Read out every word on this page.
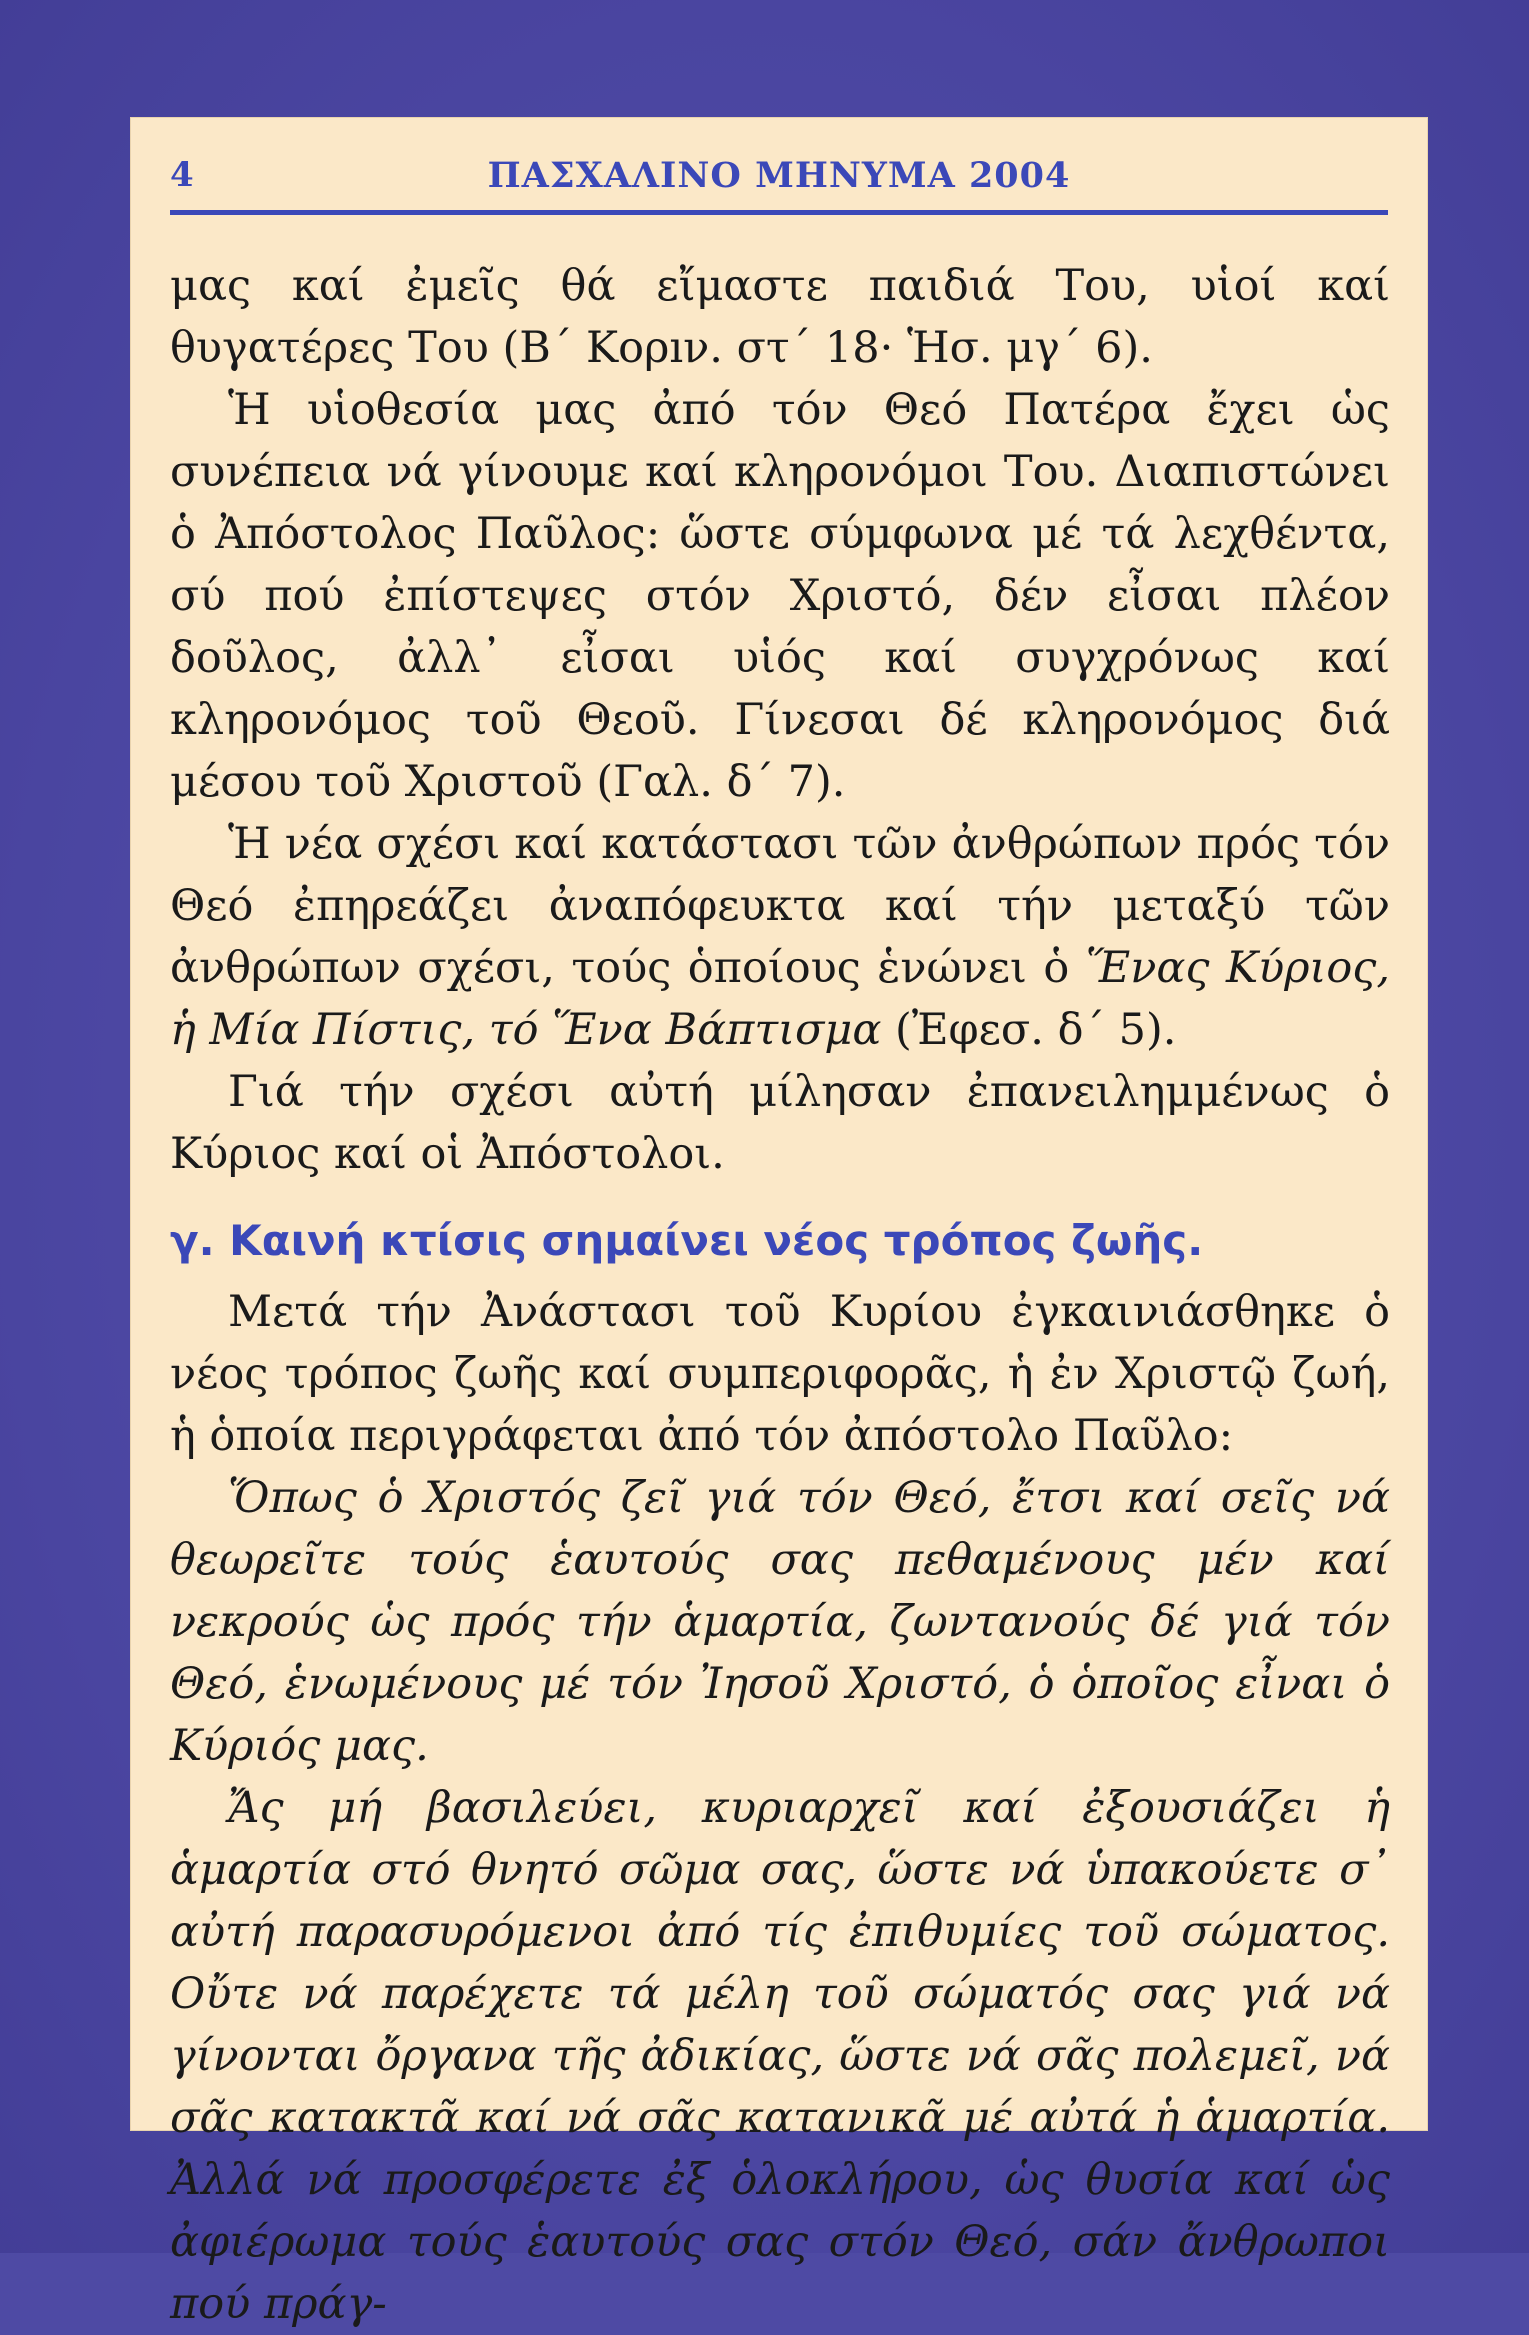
4	ΠΑΣΧΑΛΙΝΟ ΜΗΝΥΜΑ 2004

μας καί ἐμεῖς θά εἴμαστε παιδιά Του, υἱοί καί θυγατέρες Του (Β΄ Κορıν. στ΄ 18· Ἡσ. μγ΄ 6).

Ἡ υἱοθεσία μας ἀπό τόν Θεό Πατέρα ἔχει ὡς συνέπεια νά γίνουμε καί κληρονόμοι Του. Διαπιστώνει ὁ Ἀπόστολος Παῦλος: ὥστε σύμφωνα μέ τά λεχθέντα, σύ πού ἐπίστεψες στόν Χριστό, δέν εἶσαι πλέον δοῦλος, ἀλλ᾽ εἶσαι υἱός καί συγχρόνως καί κληρονόμος τοῦ Θεοῦ. Γίνεσαι δέ κληρονόμος διά μέσου τοῦ Χριστοῦ (Γαλ. δ΄ 7).

Ἡ νέα σχέσι καί κατάστασι τῶν ἀνθρώπων πρός τόν Θεό ἐπηρεάζει ἀναπόφευκτα καί τήν μεταξύ τῶν ἀνθρώπων σχέσι, τούς ὁποίους ἑνώνει ὁ Ἕνας Κύριος, ἡ Μία Πίστις, τό Ἕνα Βάπτισμα (Ἐφεσ. δ΄ 5).

Γιά τήν σχέσι αὐτή μίλησαν ἐπανειλημμένως ὁ Κύριος καί οἱ Ἀπόστολοι.

γ. Καινή κτίσις σημαίνει νέος τρόπος ζωῆς.

Μετά τήν Ἀνάστασι τοῦ Κυρίου ἐγκαινιάσθηκε ὁ νέος τρόπος ζωῆς καί συμπεριφορᾶς, ἡ ἐν Χριστῷ ζωή, ἡ ὁποία περιγράφεται ἀπό τόν ἀπόστολο Παῦλο:

Ὅπως ὁ Χριστός ζεῖ γιά τόν Θεό, ἔτσι καί σεῖς νά θεωρεῖτε τούς ἑαυτούς σας πεθαμένους μέν καί νεκρούς ὡς πρός τήν ἁμαρτία, ζωντανούς δέ γιά τόν Θεό, ἑνωμένους μέ τόν Ἰησοῦ Χριστό, ὁ ὁποῖος εἶναι ὁ Κύριός μας.

Ἄς μή βασιλεύει, κυριαρχεῖ καί ἐξουσιάζει ἡ ἁμαρτία στό θνητό σῶμα σας, ὥστε νά ὑπακούετε σ᾽ αὐτή παρασυρόμενοι ἀπό τίς ἐπιθυμίες τοῦ σώματος. Οὔτε νά παρέχετε τά μέλη τοῦ σώματός σας γιά νά γίνονται ὄργανα τῆς ἀδικίας, ὥστε νά σᾶς πολεμεῖ, νά σᾶς κατακτᾶ καί νά σᾶς κατανικᾶ μέ αὐτά ἡ ἁμαρτία. Ἀλλά νά προσφέρετε ἐξ ὁλοκλήρου, ὡς θυσία καί ὡς ἀφιέρωμα τούς ἑαυτούς σας στόν Θεό, σάν ἄνθρωποι πού πράγ-
